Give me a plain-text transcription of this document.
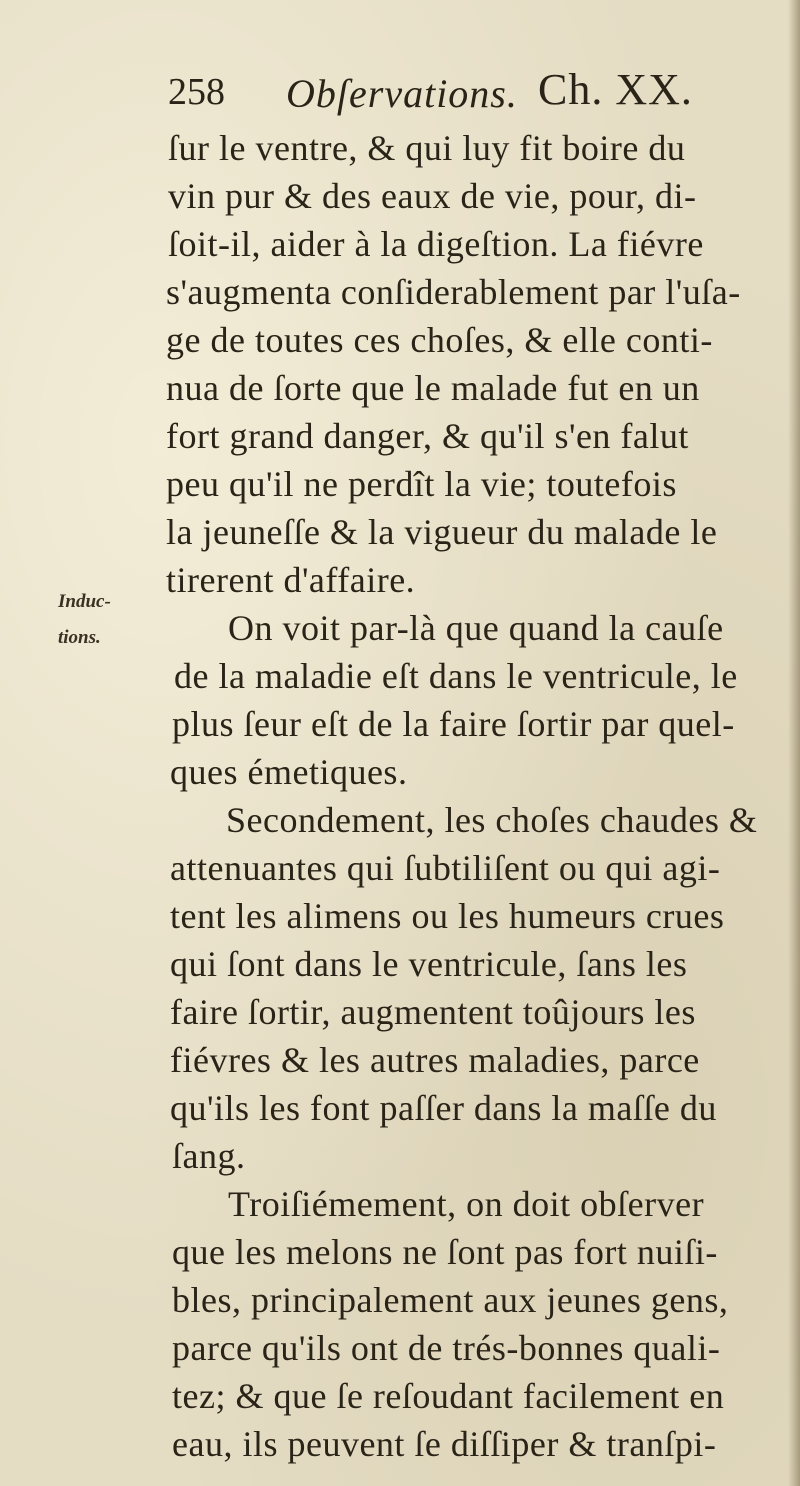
258 Obſervations. Ch. XX.
Induc-
tions.
ſur le ventre, & qui luy fit boire du
vin pur & des eaux de vie, pour, di-
ſoit-il, aider à la digeſtion. La fiévre
s'augmenta conſiderablement par l'uſa-
ge de toutes ces choſes, & elle conti-
nua de ſorte que le malade fut en un
fort grand danger, & qu'il s'en falut
peu qu'il ne perdît la vie; toutefois
la jeuneſſe & la vigueur du malade le
tirerent d'affaire.
On voit par-là que quand la cauſe
de la maladie eſt dans le ventricule, le
plus ſeur eſt de la faire ſortir par quel-
ques émetiques.
Secondement, les choſes chaudes &
attenuantes qui ſubtiliſent ou qui agi-
tent les alimens ou les humeurs crues
qui ſont dans le ventricule, ſans les
faire ſortir, augmentent toûjours les
fiévres & les autres maladies, parce
qu'ils les font paſſer dans la maſſe du
ſang.
Troiſiémement, on doit obſerver
que les melons ne ſont pas fort nuiſi-
bles, principalement aux jeunes gens,
parce qu'ils ont de trés-bonnes quali-
tez; & que ſe reſoudant facilement en
eau, ils peuvent ſe diſſiper & tranſpi-
